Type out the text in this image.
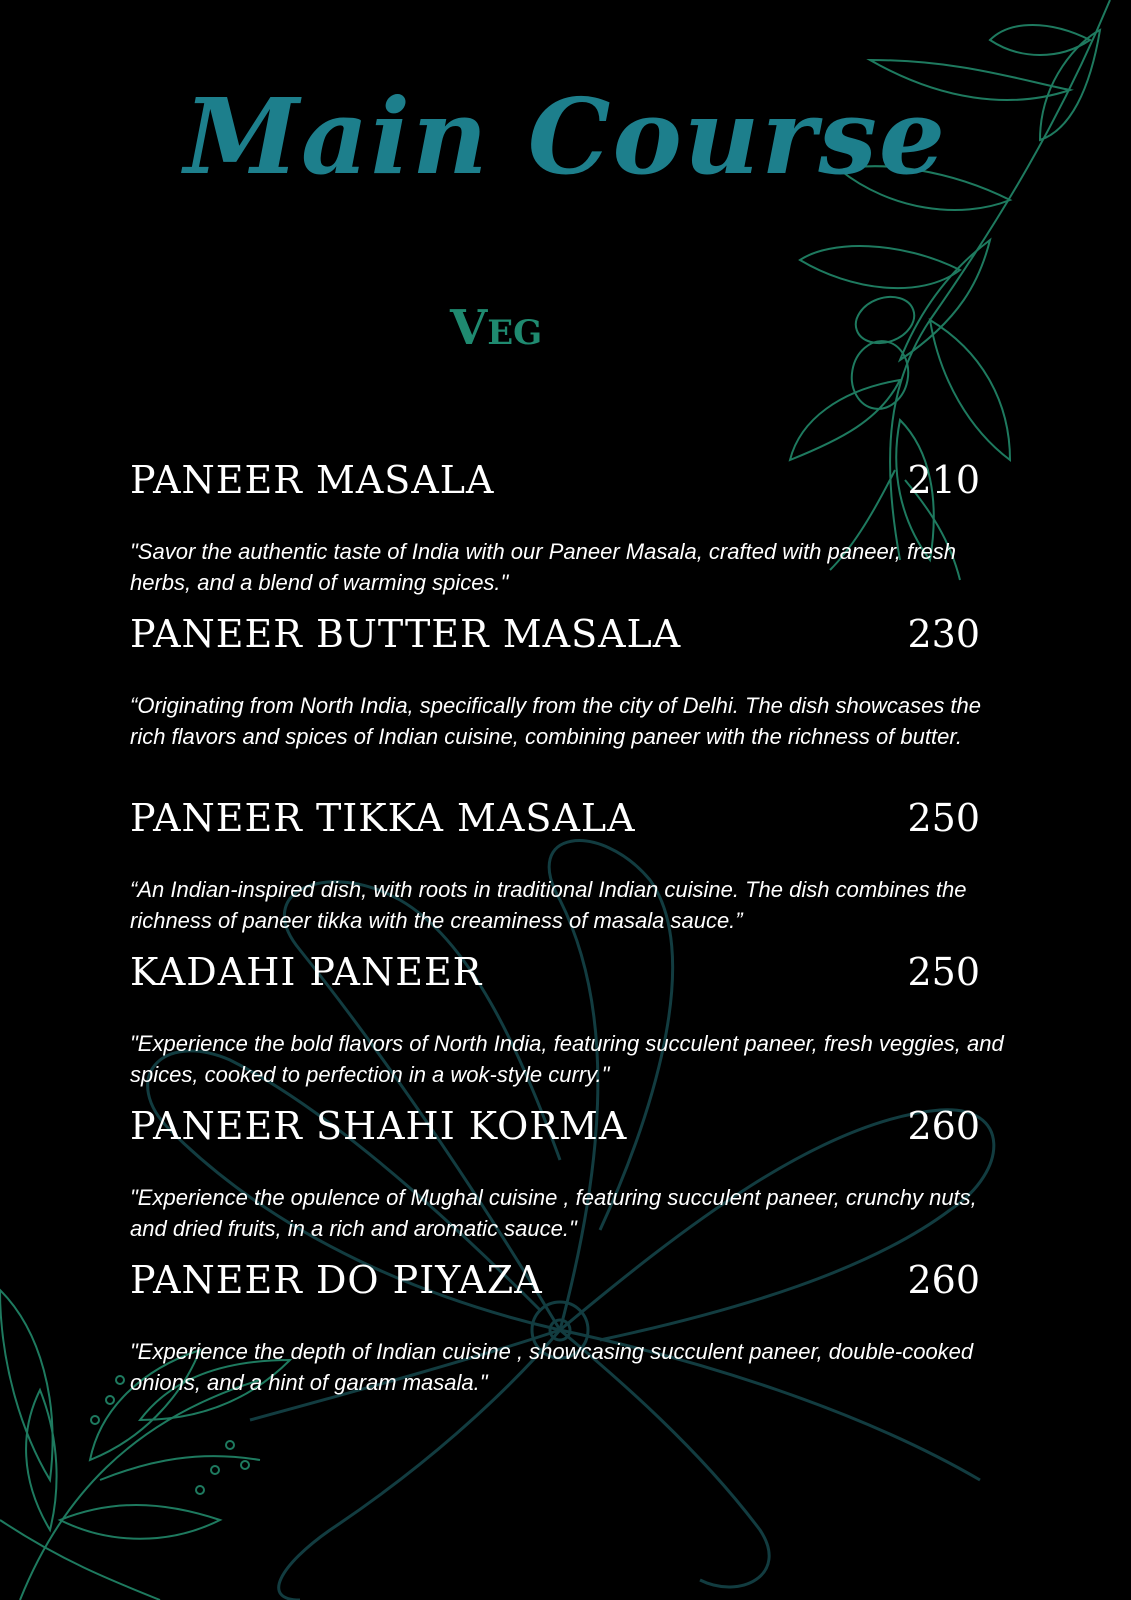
Main Course
Veg
PANEER MASALA	210
"Savor the authentic taste of India with our Paneer Masala, crafted with paneer, fresh herbs, and a blend of warming spices."
PANEER BUTTER MASALA	230
“Originating from North India, specifically from the city of Delhi. The dish showcases the rich flavors and spices of Indian cuisine, combining paneer with the richness of butter.
PANEER TIKKA MASALA	250
“An Indian-inspired dish, with roots in traditional Indian cuisine. The dish combines the richness of paneer tikka with the creaminess of masala sauce.”
KADAHI PANEER	250
"Experience the bold flavors of North India, featuring succulent paneer, fresh veggies, and spices, cooked to perfection in a wok-style curry."
PANEER SHAHI KORMA	260
"Experience the opulence of Mughal cuisine , featuring succulent paneer, crunchy nuts, and dried fruits, in a rich and aromatic sauce."
PANEER DO PIYAZA	260
"Experience the depth of Indian cuisine , showcasing succulent paneer, double-cooked onions, and a hint of garam masala."
